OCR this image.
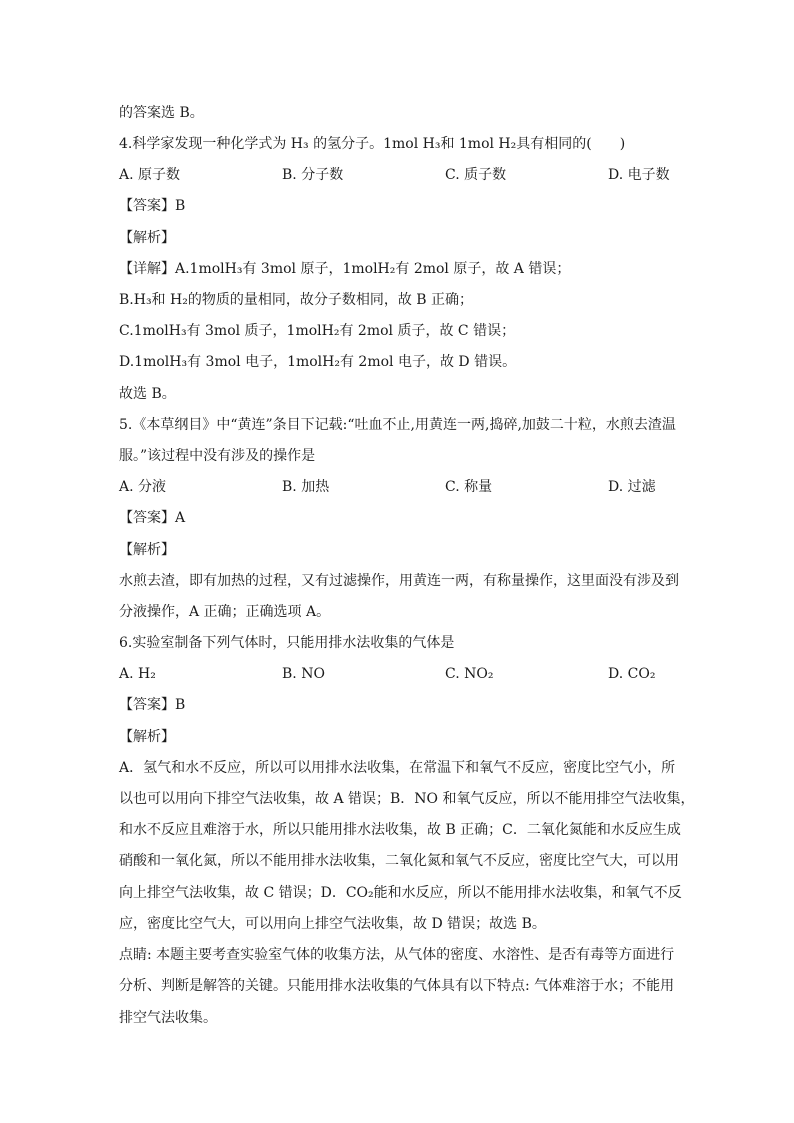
的答案选 B。
4.科学家发现一种化学式为 H₃ 的氢分子。1mol H₃和 1mol H₂具有相同的(　　)
A. 原子数	B. 分子数	C. 质子数	D. 电子数
【答案】B
【解析】
【详解】A.1molH₃有 3mol 原子，1molH₂有 2mol 原子，故 A 错误；
B.H₃和 H₂的物质的量相同，故分子数相同，故 B 正确；
C.1molH₃有 3mol 质子，1molH₂有 2mol 质子，故 C 错误；
D.1molH₃有 3mol 电子，1molH₂有 2mol 电子，故 D 错误。
故选 B。
5.《本草纲目》中“黄连”条目下记载:“吐血不止,用黄连一两,捣碎,加鼓二十粒，水煎去渣温
服。”该过程中没有涉及的操作是
A. 分液	B. 加热	C. 称量	D. 过滤
【答案】A
【解析】
水煎去渣，即有加热的过程，又有过滤操作，用黄连一两，有称量操作，这里面没有涉及到
分液操作，A 正确；正确选项 A。
6.实验室制备下列气体时，只能用排水法收集的气体是
A. H₂	B. NO	C. NO₂	D. CO₂
【答案】B
【解析】
A．氢气和水不反应，所以可以用排水法收集，在常温下和氧气不反应，密度比空气小，所
以也可以用向下排空气法收集，故 A 错误；B．NO 和氧气反应，所以不能用排空气法收集，
和水不反应且难溶于水，所以只能用排水法收集，故 B 正确；C．二氧化氮能和水反应生成
硝酸和一氧化氮，所以不能用排水法收集，二氧化氮和氧气不反应，密度比空气大，可以用
向上排空气法收集，故 C 错误；D．CO₂能和水反应，所以不能用排水法收集，和氧气不反
应，密度比空气大，可以用向上排空气法收集，故 D 错误；故选 B。
点睛: 本题主要考查实验室气体的收集方法，从气体的密度、水溶性、是否有毒等方面进行
分析、判断是解答的关键。只能用排水法收集的气体具有以下特点: 气体难溶于水；不能用
排空气法收集。
